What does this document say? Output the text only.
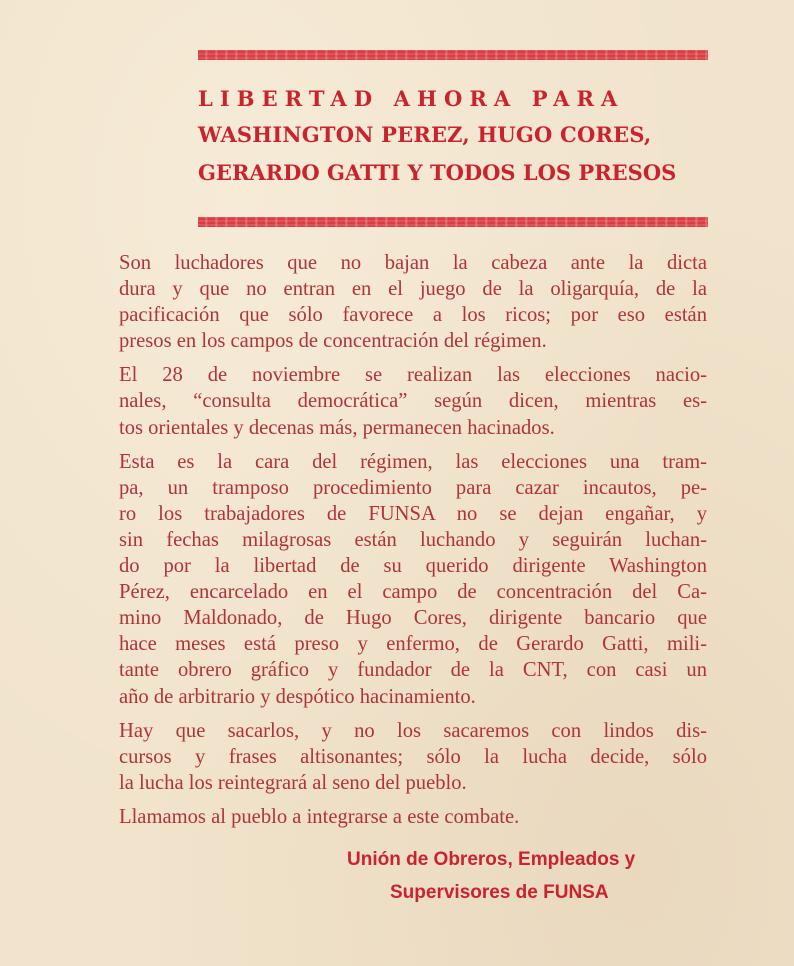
LIBERTAD AHORA PARA
WASHINGTON PEREZ, HUGO CORES,
GERARDO GATTI Y TODOS LOS PRESOS
Son luchadores que no bajan la cabeza ante la dicta
dura y que no entran en el juego de la oligarquía, de la
pacificación que sólo favorece a los ricos; por eso están
presos en los campos de concentración del régimen.
El 28 de noviembre se realizan las elecciones nacio-
nales, “consulta democrática” según dicen, mientras es-
tos orientales y decenas más, permanecen hacinados.
Esta es la cara del régimen, las elecciones una tram-
pa, un tramposo procedimiento para cazar incautos, pe-
ro los trabajadores de FUNSA no se dejan engañar, y
sin fechas milagrosas están luchando y seguirán luchan-
do por la libertad de su querido dirigente Washington
Pérez, encarcelado en el campo de concentración del Ca-
mino Maldonado, de Hugo Cores, dirigente bancario que
hace meses está preso y enfermo, de Gerardo Gatti, mili-
tante obrero gráfico y fundador de la CNT, con casi un
año de arbitrario y despótico hacinamiento.
Hay que sacarlos, y no los sacaremos con lindos dis-
cursos y frases altisonantes; sólo la lucha decide, sólo
la lucha los reintegrará al seno del pueblo.
Llamamos al pueblo a integrarse a este combate.
Unión de Obreros, Empleados y
Supervisores de FUNSA
